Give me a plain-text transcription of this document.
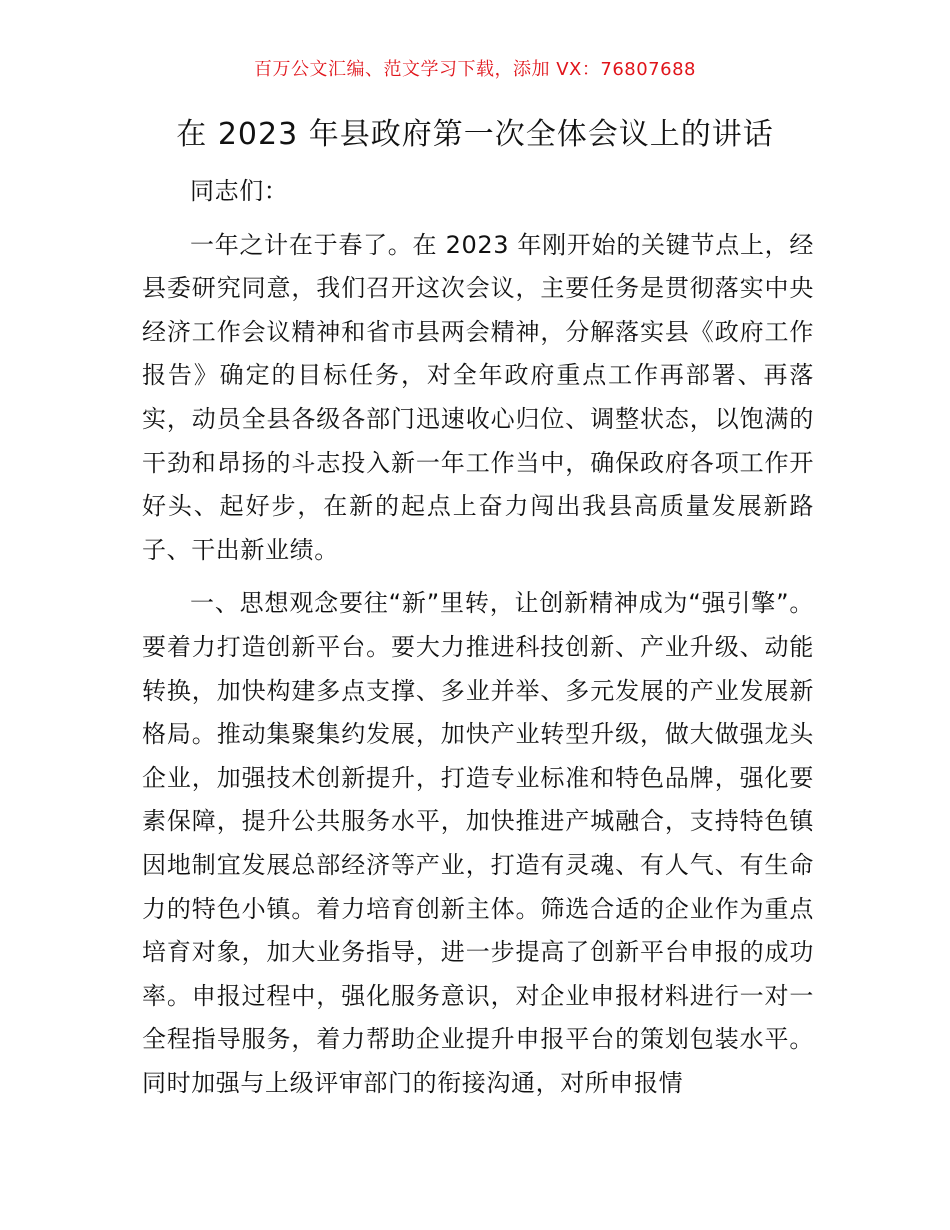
百万公文汇编、范文学习下载，添加 VX：76807688
在 2023 年县政府第一次全体会议上的讲话

同志们：

一年之计在于春了。在 2023 年刚开始的关键节点上，经县委研究同意，我们召开这次会议，主要任务是贯彻落实中央经济工作会议精神和省市县两会精神，分解落实县《政府工作报告》确定的目标任务，对全年政府重点工作再部署、再落实，动员全县各级各部门迅速收心归位、调整状态，以饱满的干劲和昂扬的斗志投入新一年工作当中，确保政府各项工作开好头、起好步，在新的起点上奋力闯出我县高质量发展新路子、干出新业绩。

一、思想观念要往“新”里转，让创新精神成为“强引擎”。要着力打造创新平台。要大力推进科技创新、产业升级、动能转换，加快构建多点支撑、多业并举、多元发展的产业发展新格局。推动集聚集约发展，加快产业转型升级，做大做强龙头企业，加强技术创新提升，打造专业标准和特色品牌，强化要素保障，提升公共服务水平，加快推进产城融合，支持特色镇因地制宜发展总部经济等产业，打造有灵魂、有人气、有生命力的特色小镇。着力培育创新主体。筛选合适的企业作为重点培育对象，加大业务指导，进一步提高了创新平台申报的成功率。申报过程中，强化服务意识，对企业申报材料进行一对一全程指导服务，着力帮助企业提升申报平台的策划包装水平。同时加强与上级评审部门的衔接沟通，对所申报情
